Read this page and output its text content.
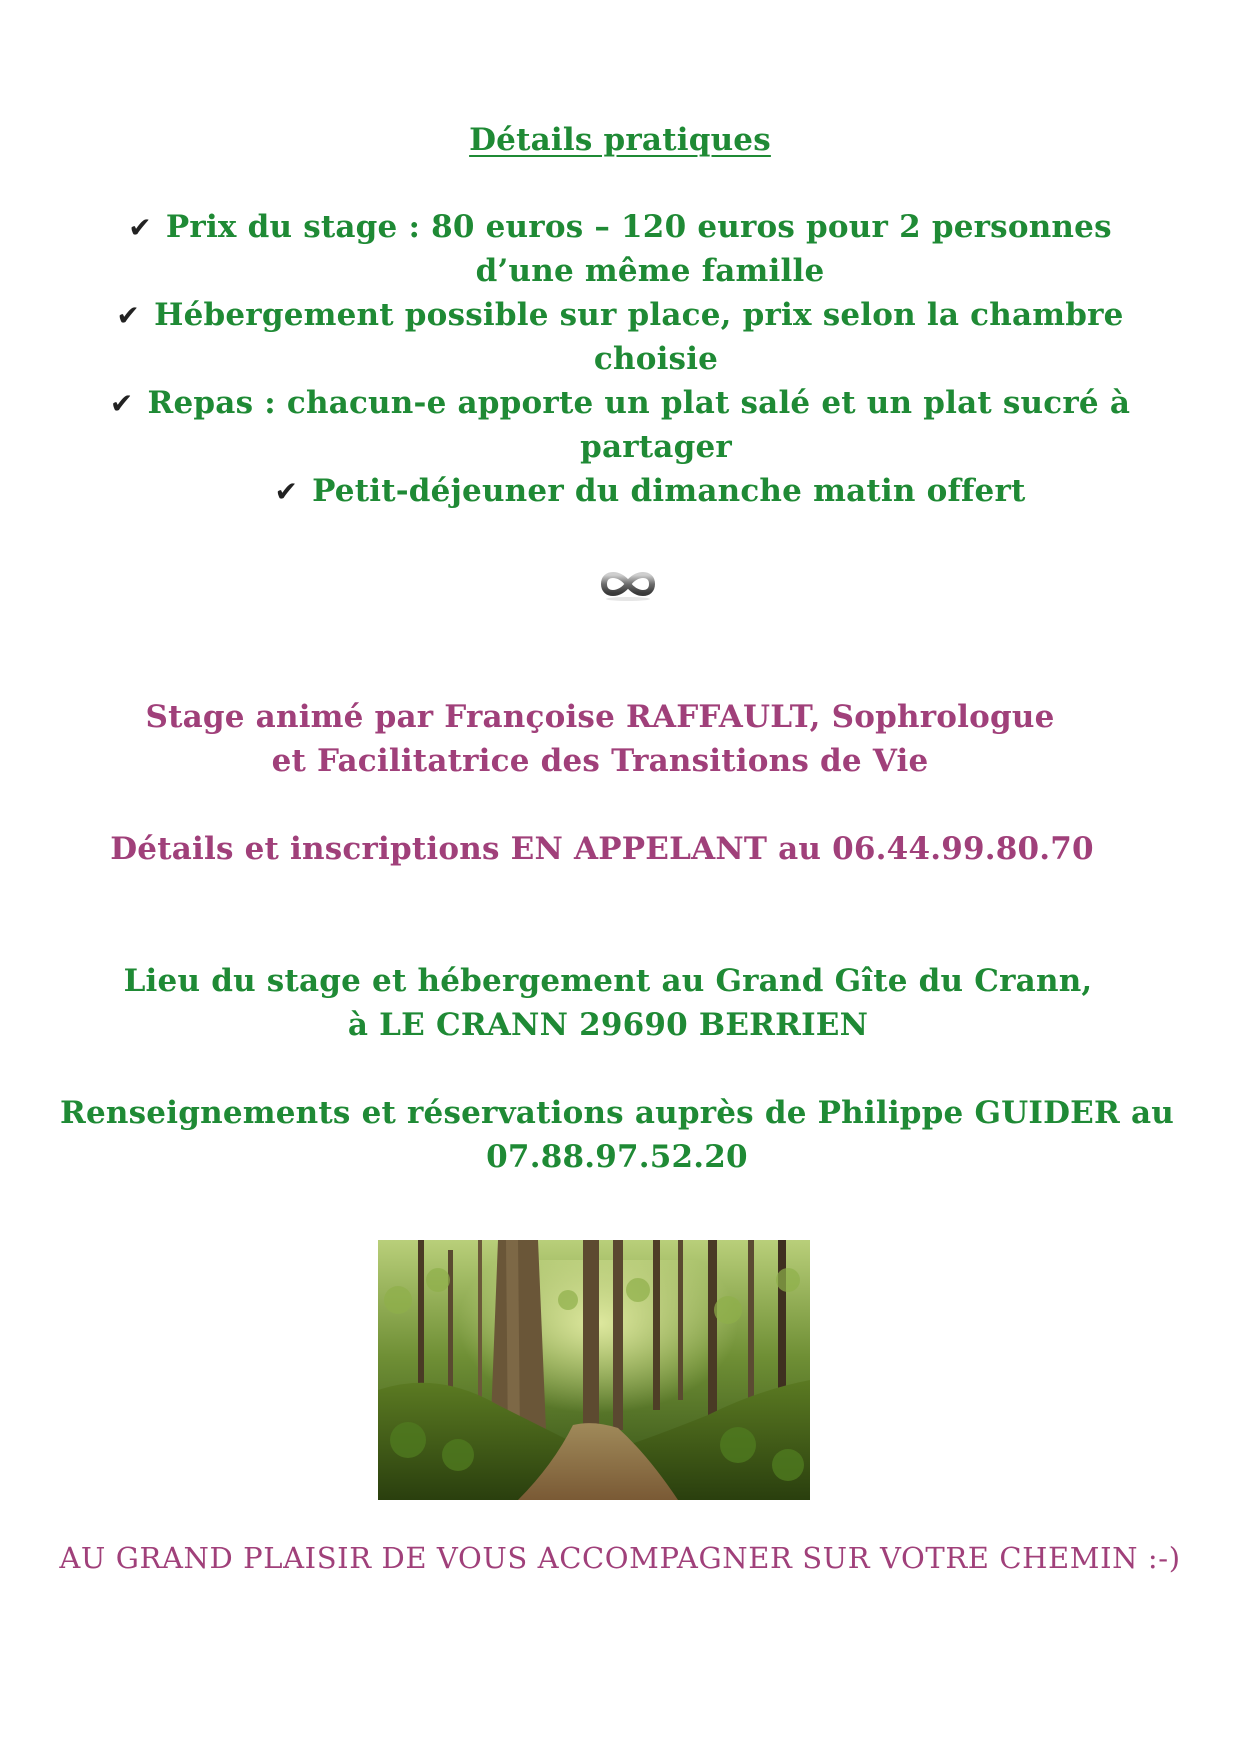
Détails pratiques
✔ Prix du stage : 80 euros – 120 euros pour 2 personnes
d’une même famille
✔ Hébergement possible sur place, prix selon la chambre
choisie
✔ Repas : chacun-e apporte un plat salé et un plat sucré à
partager
✔ Petit-déjeuner du dimanche matin offert
Stage animé par Françoise RAFFAULT, Sophrologue
et Facilitatrice des Transitions de Vie
Détails et inscriptions EN APPELANT au 06.44.99.80.70
Lieu du stage et hébergement au Grand Gîte du Crann,
à LE CRANN 29690 BERRIEN
Renseignements et réservations auprès de Philippe GUIDER au
07.88.97.52.20
AU GRAND PLAISIR DE VOUS ACCOMPAGNER SUR VOTRE CHEMIN :-)
